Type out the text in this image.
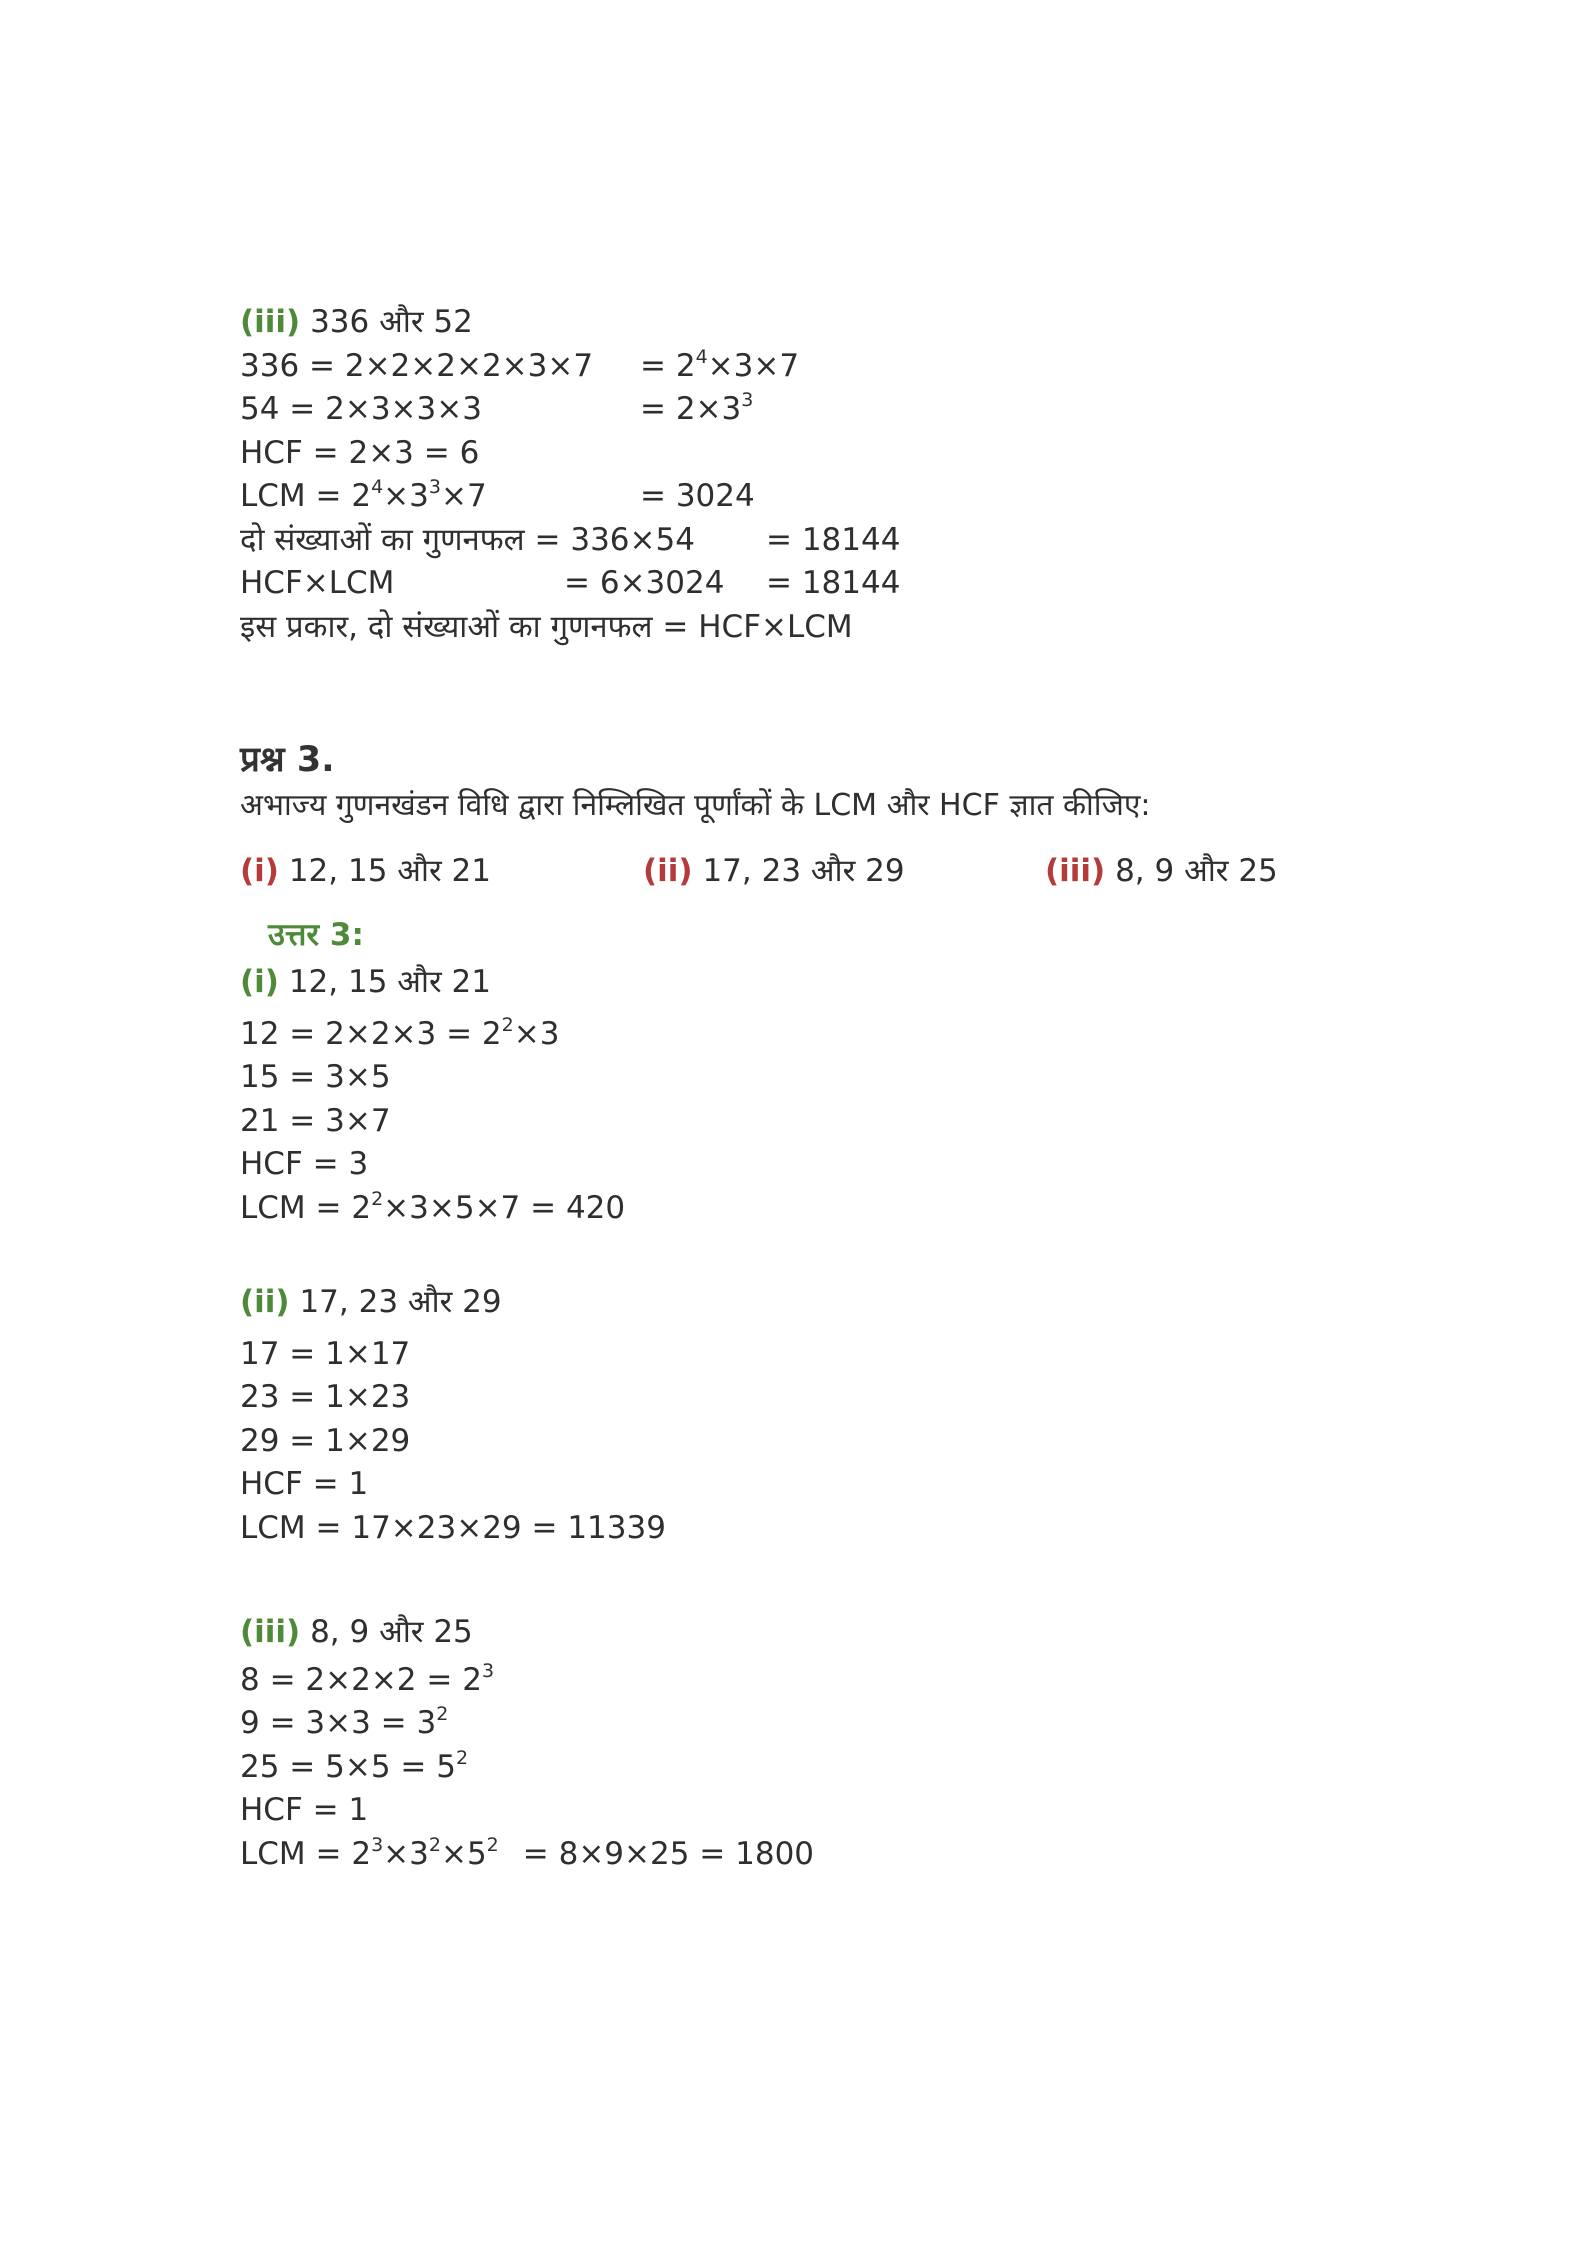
(iii) 336 और 52
$336 = 2\times 2\times 2\times 2\times 3\times 7 = 2^4\times 3\times 7$
54 = 2×3×3×3	= $2\times 3^3$
HCF = 2×3 = 6
LCM = $2^4\times 3^3\times 7$	= 3024
दो संख्याओं का गुणनफल = 336×54 = 18144
HCF×LCM	= 6×3024 = 18144
इस प्रकार, दो संख्याओं का गुणनफल = HCF×LCM
प्रश्न 3.
अभाज्य गुणनखंडन विधि द्वारा निम्लिखित पूर्णांकों के LCM और HCF ज्ञात कीजिए:
(i) 12, 15 और 21	(ii) 17, 23 और 29	(iii) 8, 9 और 25
उत्तर 3:
(i) 12, 15 और 21
$12 = 2\times 2\times 3 = 2^2\times 3$
15 = 3×5
21 = 3×7
HCF = 3
LCM = $2^2\times 3\times 5\times 7 = 420$
(ii) 17, 23 और 29
17 = 1×17
23 = 1×23
29 = 1×29
HCF = 1
LCM = 17×23×29 = 11339
(iii) 8, 9 और 25
$8 = 2\times 2\times 2 = 2^3$
$9 = 3\times 3 = 3^2$
$25 = 5\times 5 = 5^2$
HCF = 1
LCM = $2^3\times 3^2\times 5^2 = 8\times 9\times 25 = 1800$
